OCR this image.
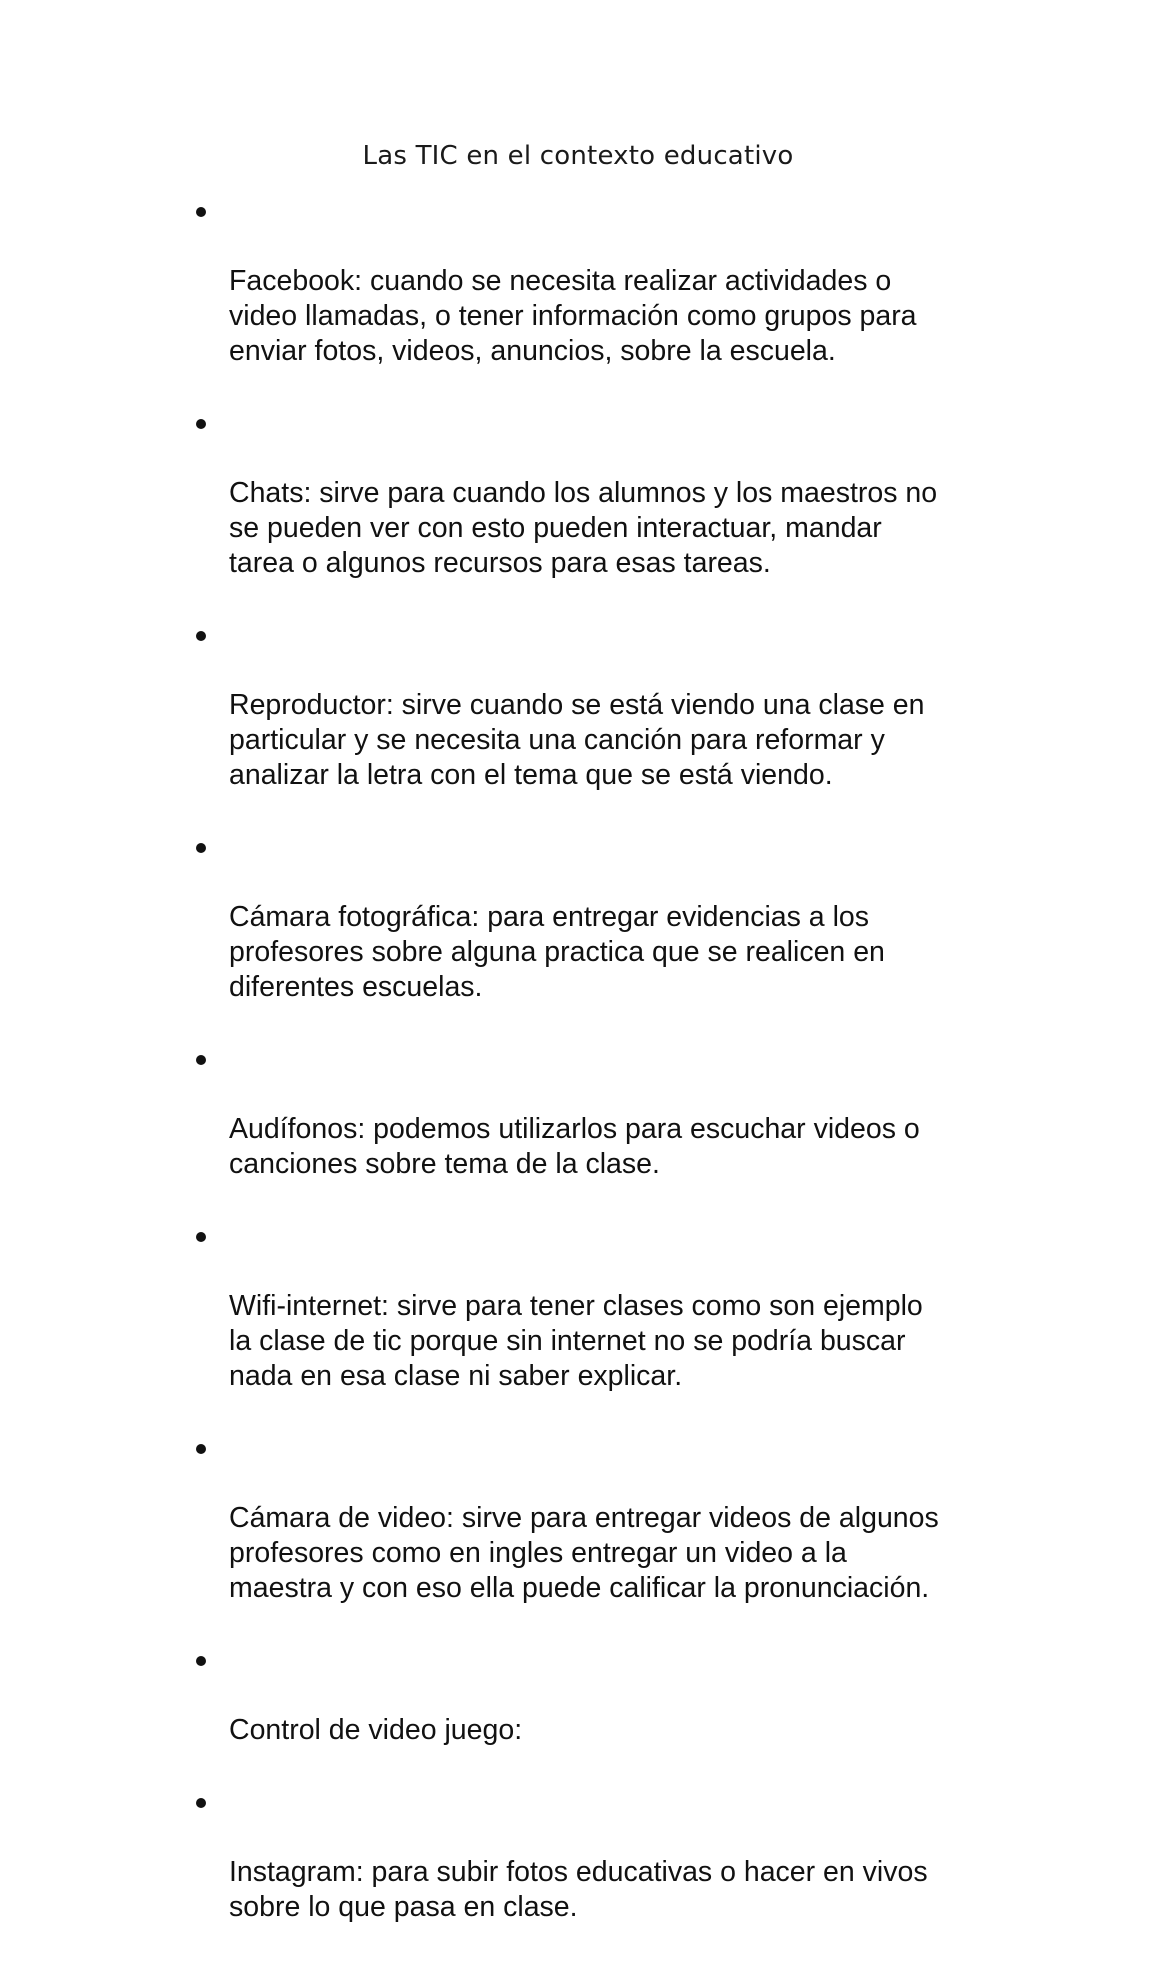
Las TIC en el contexto educativo

Facebook: cuando se necesita realizar actividades o
video llamadas, o tener información como grupos para
enviar fotos, videos, anuncios, sobre la escuela.

Chats: sirve para cuando los alumnos y los maestros no
se pueden ver con esto pueden interactuar, mandar
tarea o algunos recursos para esas tareas.

Reproductor: sirve cuando se está viendo una clase en
particular y se necesita una canción para reformar y
analizar la letra con el tema que se está viendo.

Cámara fotográfica: para entregar evidencias a los
profesores sobre alguna practica que se realicen en
diferentes escuelas.

Audífonos: podemos utilizarlos para escuchar videos o
canciones sobre tema de la clase.

Wifi-internet: sirve para tener clases como son ejemplo
la clase de tic porque sin internet no se podría buscar
nada en esa clase ni saber explicar.

Cámara de video: sirve para entregar videos de algunos
profesores como en ingles entregar un video a la
maestra y con eso ella puede calificar la pronunciación.

Control de video juego:

Instagram: para subir fotos educativas o hacer en vivos
sobre lo que pasa en clase.
